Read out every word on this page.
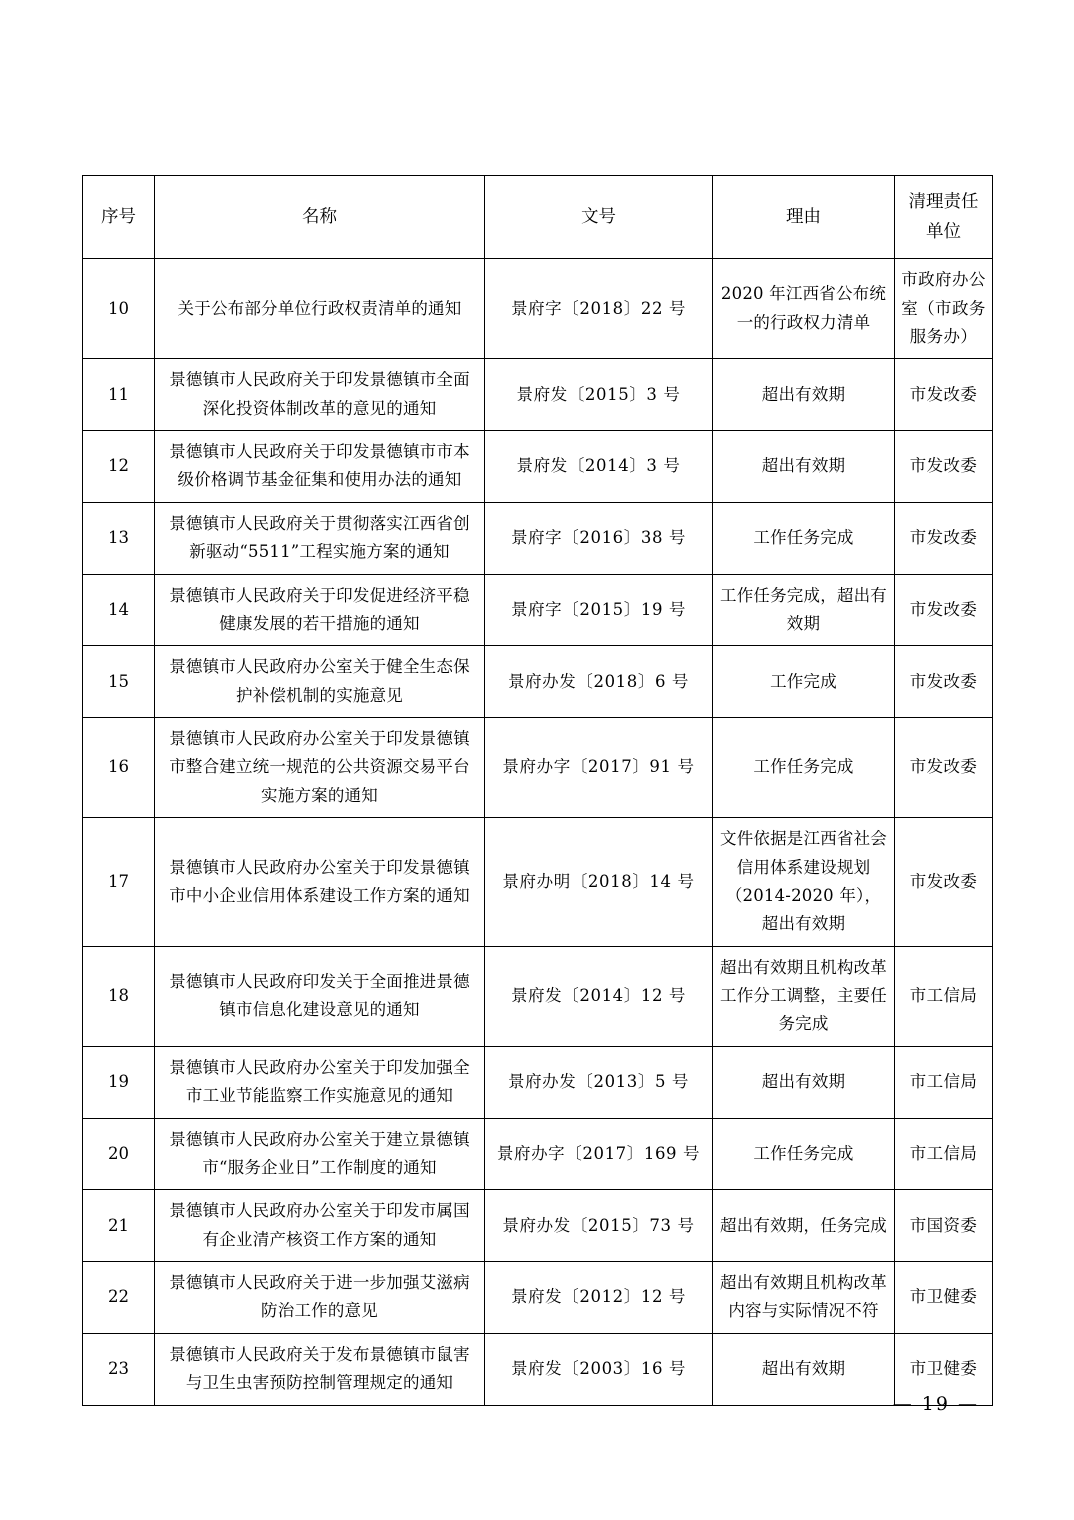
序号	名称	文号	理由	清理责任单位
10	关于公布部分单位行政权责清单的通知	景府字〔2018〕22 号	2020 年江西省公布统一的行政权力清单	市政府办公室（市政务服务办）
11	景德镇市人民政府关于印发景德镇市全面深化投资体制改革的意见的通知	景府发〔2015〕3 号	超出有效期	市发改委
12	景德镇市人民政府关于印发景德镇市市本级价格调节基金征集和使用办法的通知	景府发〔2014〕3 号	超出有效期	市发改委
13	景德镇市人民政府关于贯彻落实江西省创新驱动“5511”工程实施方案的通知	景府字〔2016〕38 号	工作任务完成	市发改委
14	景德镇市人民政府关于印发促进经济平稳健康发展的若干措施的通知	景府字〔2015〕19 号	工作任务完成，超出有效期	市发改委
15	景德镇市人民政府办公室关于健全生态保护补偿机制的实施意见	景府办发〔2018〕6 号	工作完成	市发改委
16	景德镇市人民政府办公室关于印发景德镇市整合建立统一规范的公共资源交易平台实施方案的通知	景府办字〔2017〕91 号	工作任务完成	市发改委
17	景德镇市人民政府办公室关于印发景德镇市中小企业信用体系建设工作方案的通知	景府办明〔2018〕14 号	文件依据是江西省社会信用体系建设规划（2014-2020 年），超出有效期	市发改委
18	景德镇市人民政府印发关于全面推进景德镇市信息化建设意见的通知	景府发〔2014〕12 号	超出有效期且机构改革工作分工调整，主要任务完成	市工信局
19	景德镇市人民政府办公室关于印发加强全市工业节能监察工作实施意见的通知	景府办发〔2013〕5 号	超出有效期	市工信局
20	景德镇市人民政府办公室关于建立景德镇市“服务企业日”工作制度的通知	景府办字〔2017〕169 号	工作任务完成	市工信局
21	景德镇市人民政府办公室关于印发市属国有企业清产核资工作方案的通知	景府办发〔2015〕73 号	超出有效期，任务完成	市国资委
22	景德镇市人民政府关于进一步加强艾滋病防治工作的意见	景府发〔2012〕12 号	超出有效期且机构改革内容与实际情况不符	市卫健委
23	景德镇市人民政府关于发布景德镇市鼠害与卫生虫害预防控制管理规定的通知	景府发〔2003〕16 号	超出有效期	市卫健委
— 19 —
